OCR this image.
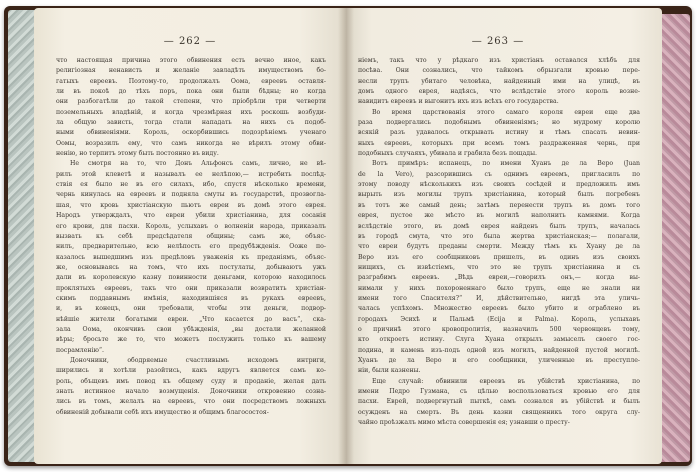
— 262 —
что настоящая причина этого обвинения есть вечно иное, какъ
религіозная ненависть и желаніе завладѣть имуществомъ бо-
гатыхъ евреевъ. Поэтому-то, продолжалъ Оома, евреевъ оставля-
ли въ покоѣ до тѣхъ поръ, пока они были бѣдны; но когда
они разбогатѣли до такой степени, что пріобрѣли три четверти
поземельныхъ владѣній, и когда чрезмѣрная ихъ роскошь возбуди-
ла общую зависть, тогда стали нападать на нихъ съ подоб-
ными обвиненіями. Король, оскорбившись подозрѣніемъ ученаго
Оомы, возразилъ ему, что самъ никогда не вѣрилъ этому обви-
ненію, но терпитъ этому быть постоянно въ виду.
Не смотря на то, что Донъ Альфонсъ самъ, лично, не вѣ-
рилъ этой клеветѣ и называлъ ее нелѣпою,— истребить послѣд-
ствія ея было не въ его силахъ, ибо, спустя нѣсколько времени,
чернь кинулась на евреевъ и подняла смуты въ государствѣ, прозвогла-
шая, что кровь христіанскую пьютъ евреи въ домѣ этого еврея.
Народъ утверждалъ, что евреи убили христіанина, для сосанія
его крови, для пасхи. Король, услыхавъ о волненіи народа, приказалъ
вызвать къ себѣ предсѣдателя общины; самъ же, объяс-
нилъ, предварительно, всю нелѣпость его предубѣжденія. Ооже по-
казалось вышедшимъ изъ предѣловъ уваженія къ преданіямъ, объяс-
же, основываясь на томъ, что ихъ постулаты, добываютъ ужъ
дали въ королевскую казну повинности деньгами, которою находилось
проклятыхъ евреевъ, такъ что они приказали возвратить христіан-
скимъ поддавнымъ имѣнія, находившіяся въ рукахъ евреевъ,
и, въ конецъ, они требовали, чтобы эти деньги, подвор-
нѣйшіе жители богатыми евреи. „Что касается до васъ“, ска-
зала Оома, окончивъ свои убѣжденія, „вы достали желанной
вѣры; бросьте же то, что можетъ послужить только къ вашему
посрамленію“.
Доночники, ободряемые счастливымъ исходомъ интриги,
ширились и хотѣли разойтись, какъ вдругъ является самъ ко-
роль, объщевъ имъ повод къ общему суду и проданіе, желая дать
знать истинное начало возмущенія. Доночники откровенно созна-
лись въ томъ, желалъ на евреевъ, что они посредствомъ ложныхъ
обвиненій добывали себѣ ихъ имущество и общимъ благосостоя-
— 263 —
ніемъ, такъ что у рѣдкаго изъ христіанъ оставался хлѣбъ для
посѣва. Они сознались, что тайкомъ обрызгали кровью пере-
несли трупъ убитаго человѣка, найденный ими на улицѣ, въ
домъ одного еврея, надѣясь, что вслѣдствіе этого король возне-
навидитъ евреевъ и выгонитъ ихъ изъ всѣхъ его государства.
Во время царствованія этого самаго короля евреи еще два
раза подвергались подобнымъ обвиненіямъ; но мудрому королю
всякій разъ удавалось открывать истину и тѣмъ спасать невин-
ныхъ евреевъ, которыхъ при всемъ томъ раздраженная чернь, при
подобныхъ случаяхъ, убивала и грабила безъ пощады.
Вотъ примѣръ: испанецъ, по имени Хуанъ де ла Веро (Juan
de la Vero), разсорившись съ однимъ евреемъ, пригласилъ по
этому поводу нѣсколькихъ изъ своихъ сосѣдей и предложилъ имъ
вырыть изъ могилы трупъ христіанина, который былъ погребенъ
въ тотъ же самый день; затѣмъ перенести трупъ въ домъ того
еврея, пустое же мѣсто въ могилѣ наполнить камнями. Когда
вслѣдствіе этого, въ домѣ еврея найденъ былъ трупъ, началась
въ городѣ смута, что это была жертва христіанская;— полагали,
что евреи будутъ преданы смерти. Между тѣмъ къ Хуану де ла
Веро изъ его сообщниковъ пришелъ, въ одинъ изъ своихъ
нищихъ, съ извѣстіемъ, что это не трупъ христіанина и съ
разграбимъ евреевъ. „Вѣдь евреи,—говорилъ онъ,— когда вы-
нимали у нихъ похороненнаго было трупъ, еще не знали ни
имени того Спасителя?“ И, дѣйствительно, нигдѣ эта уличь-
чалась успѣхомъ. Множество евреевъ было убито и ограблено въ
городахъ Эсихѣ и Пальмѣ (Ecija и Palma). Король, услыхавъ
о причинѣ этого кровопролитія, назначилъ 500 червонцевъ тому,
кто откроетъ истину. Слуга Хуана открылъ замыселъ своего гос-
подина, и камень изъ-подъ одной изъ могилъ, найденной пустой могилѣ.
Хуанъ де ла Веро и его сообщники, уличенные въ преступле-
ніи, были казнены.
Еще случай: обвинили евреевъ въ убійствѣ христіанина, по
имени Педро Гузмана, съ цѣлью воспользоваться кровью его для
пасхи. Еврей, подвергнутый пыткѣ, самъ сознался въ убійствѣ и былъ
осужденъ на смерть. Въ день казни священникъ того округа слу-
чайно проѣзжалъ мимо мѣста совершенія ея; узнавши о престу-
